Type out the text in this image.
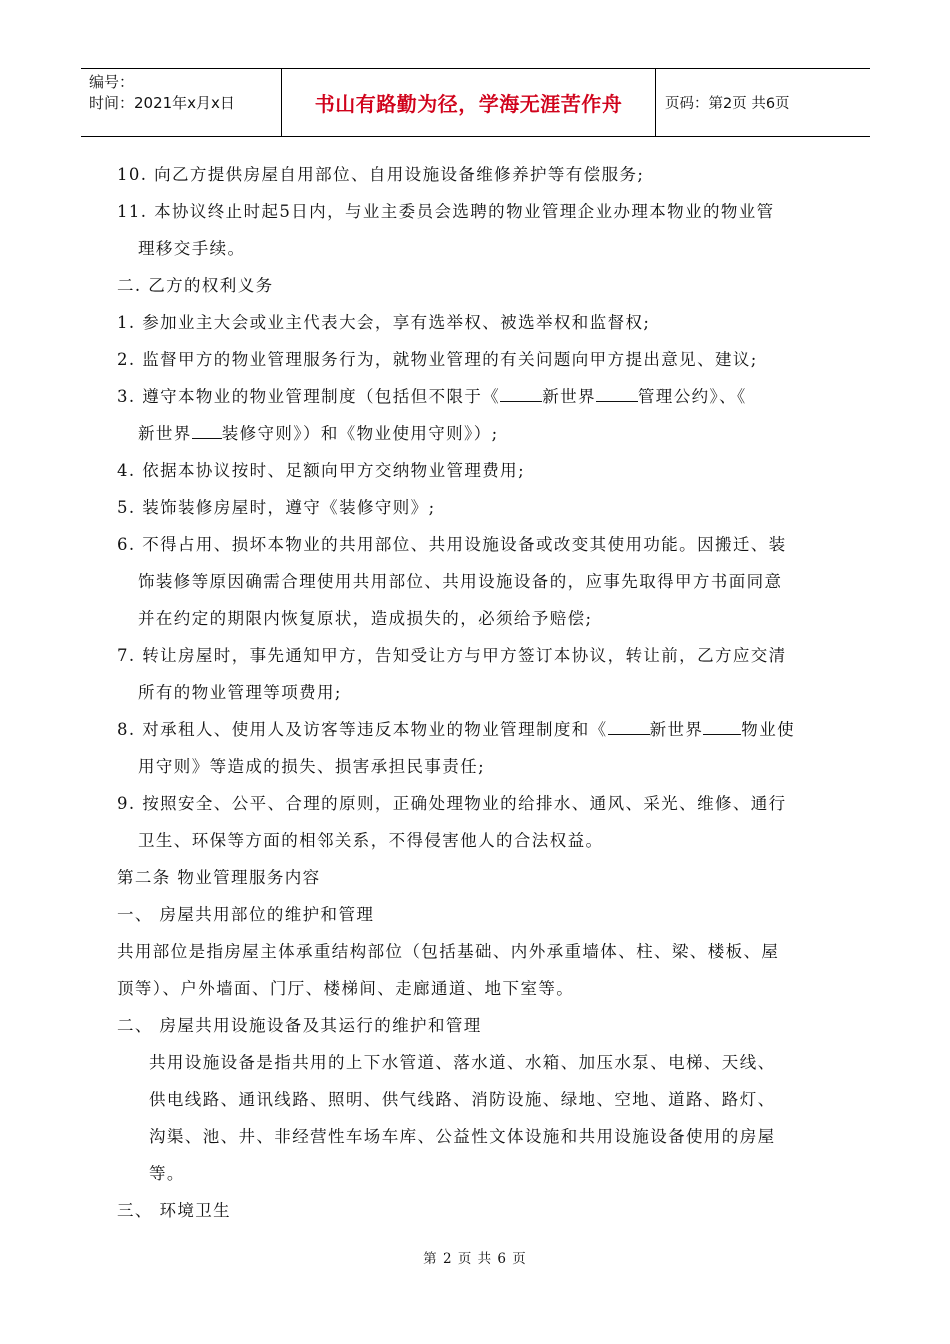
编号：
时间：2021年x月x日	书山有路勤为径，学海无涯苦作舟	页码：第2页 共6页
10. 向乙方提供房屋自用部位、自用设施设备维修养护等有偿服务;
11. 本协议终止时起5日内，与业主委员会选聘的物业管理企业办理本物业的物业管
理移交手续。
二. 乙方的权利义务
1. 参加业主大会或业主代表大会，享有选举权、被选举权和监督权;
2. 监督甲方的物业管理服务行为，就物业管理的有关问题向甲方提出意见、建议;
3. 遵守本物业的物业管理制度（包括但不限于《	新世界	管理公约》、《
新世界 装修守则》）和《物业使用守则》）;
4. 依据本协议按时、足额向甲方交纳物业管理费用;
5. 装饰装修房屋时，遵守《装修守则》;
6. 不得占用、损坏本物业的共用部位、共用设施设备或改变其使用功能。因搬迁、装
饰装修等原因确需合理使用共用部位、共用设施设备的，应事先取得甲方书面同意
并在约定的期限内恢复原状，造成损失的，必须给予赔偿;
7. 转让房屋时，事先通知甲方，告知受让方与甲方签订本协议，转让前，乙方应交清
所有的物业管理等项费用;
8. 对承租人、使用人及访客等违反本物业的物业管理制度和《	新世界 物业使
用守则》等造成的损失、损害承担民事责任;
9. 按照安全、公平、合理的原则，正确处理物业的给排水、通风、采光、维修、通行
卫生、环保等方面的相邻关系，不得侵害他人的合法权益。
第二条 物业管理服务内容
一、 房屋共用部位的维护和管理
共用部位是指房屋主体承重结构部位（包括基础、内外承重墙体、柱、梁、楼板、屋
顶等）、户外墙面、门厅、楼梯间、走廊通道、地下室等。
二、 房屋共用设施设备及其运行的维护和管理
共用设施设备是指共用的上下水管道、落水道、水箱、加压水泵、电梯、天线、
供电线路、通讯线路、照明、供气线路、消防设施、绿地、空地、道路、路灯、
沟渠、池、井、非经营性车场车库、公益性文体设施和共用设施设备使用的房屋
等。
三、 环境卫生
第 2 页 共 6 页
